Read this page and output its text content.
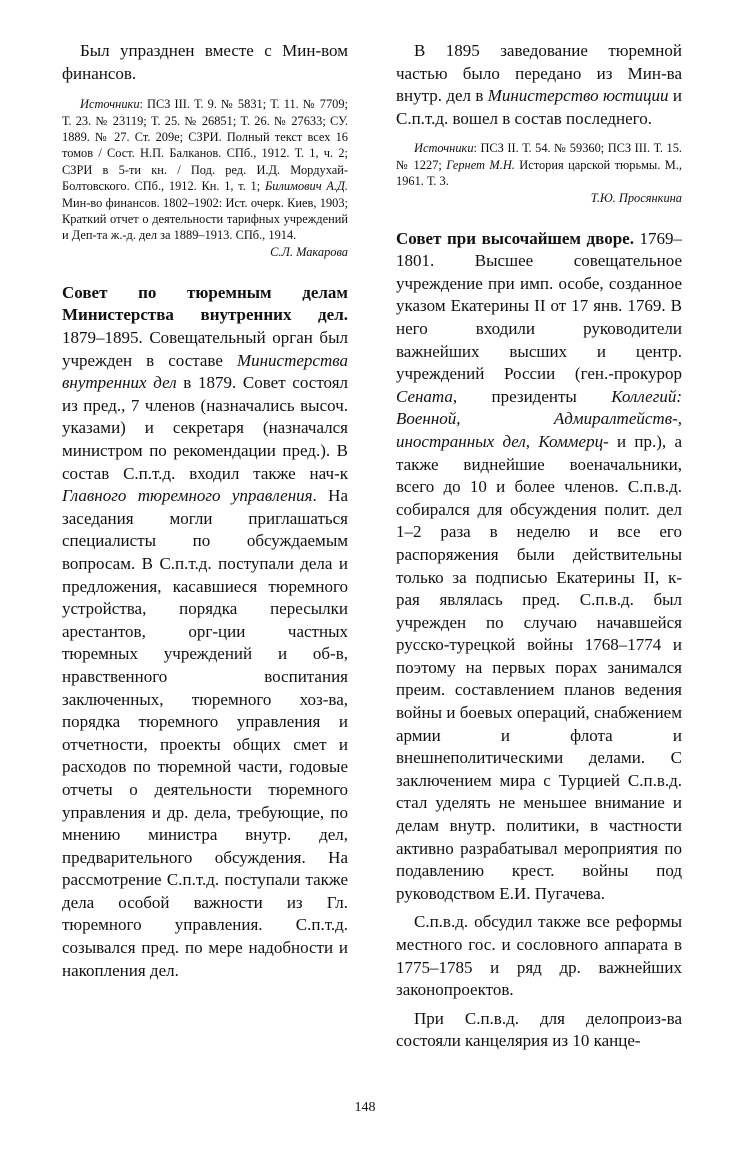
Был упразднен вместе с Мин-вом финансов.

Источники: ПСЗ III. Т. 9. № 5831; Т. 11. № 7709; Т. 23. № 23119; Т. 25. № 26851; Т. 26. № 27633; СУ. 1889. № 27. Ст. 209е; СЗРИ. Полный текст всех 16 томов / Сост. Н.П. Балканов. СПб., 1912. Т. 1, ч. 2; СЗРИ в 5-ти кн. / Под. ред. И.Д. Мордухай-Болтовского. СПб., 1912. Кн. 1, т. 1; Билимович А.Д. Мин-во финансов. 1802–1902: Ист. очерк. Киев, 1903; Краткий отчет о деятельности тарифных учреждений и Деп-та ж.-д. дел за 1889–1913. СПб., 1914.

С.Л. Макарова

Совет по тюремным делам Министерства внутренних дел. 1879–1895. Совещательный орган был учрежден в составе Министерства внутренних дел в 1879. Совет состоял из пред., 7 членов (назначались высоч. указами) и секретаря (назначался министром по рекомендации пред.). В состав С.п.т.д. входил также нач-к Главного тюремного управления. На заседания могли приглашаться специалисты по обсуждаемым вопросам. В С.п.т.д. поступали дела и предложения, касавшиеся тюремного устройства, порядка пересылки арестантов, орг-ции частных тюремных учреждений и об-в, нравственного воспитания заключенных, тюремного хоз-ва, порядка тюремного управления и отчетности, проекты общих смет и расходов по тюремной части, годовые отчеты о деятельности тюремного управления и др. дела, требующие, по мнению министра внутр. дел, предварительного обсуждения. На рассмотрение С.п.т.д. поступали также дела особой важности из Гл. тюремного управления. С.п.т.д. созывался пред. по мере надобности и накопления дел.

В 1895 заведование тюремной частью было передано из Мин-ва внутр. дел в Министерство юстиции и С.п.т.д. вошел в состав последнего.

Источники: ПСЗ II. Т. 54. № 59360; ПСЗ III. Т. 15. № 1227; Гернет М.Н. История царской тюрьмы. М., 1961. Т. 3.

Т.Ю. Просянкина

Совет при высочайшем дворе. 1769–1801. Высшее совещательное учреждение при имп. особе, созданное указом Екатерины II от 17 янв. 1769. В него входили руководители важнейших высших и центр. учреждений России (ген.-прокурор Сената, президенты Коллегий: Военной, Адмиралтейств-, иностранных дел, Коммерц- и пр.), а также виднейшие военачальники, всего до 10 и более членов. С.п.в.д. собирался для обсуждения полит. дел 1–2 раза в неделю и все его распоряжения были действительны только за подписью Екатерины II, к-рая являлась пред. С.п.в.д. был учрежден по случаю начавшейся русско-турецкой войны 1768–1774 и поэтому на первых порах занимался преим. составлением планов ведения войны и боевых операций, снабжением армии и флота и внешнеполитическими делами. С заключением мира с Турцией С.п.в.д. стал уделять не меньшее внимание и делам внутр. политики, в частности активно разрабатывал мероприятия по подавлению крест. войны под руководством Е.И. Пугачева.

С.п.в.д. обсудил также все реформы местного гос. и сословного аппарата в 1775–1785 и ряд др. важнейших законопроектов.

При С.п.в.д. для делопроиз-ва состояли канцелярия из 10 канце-

148
